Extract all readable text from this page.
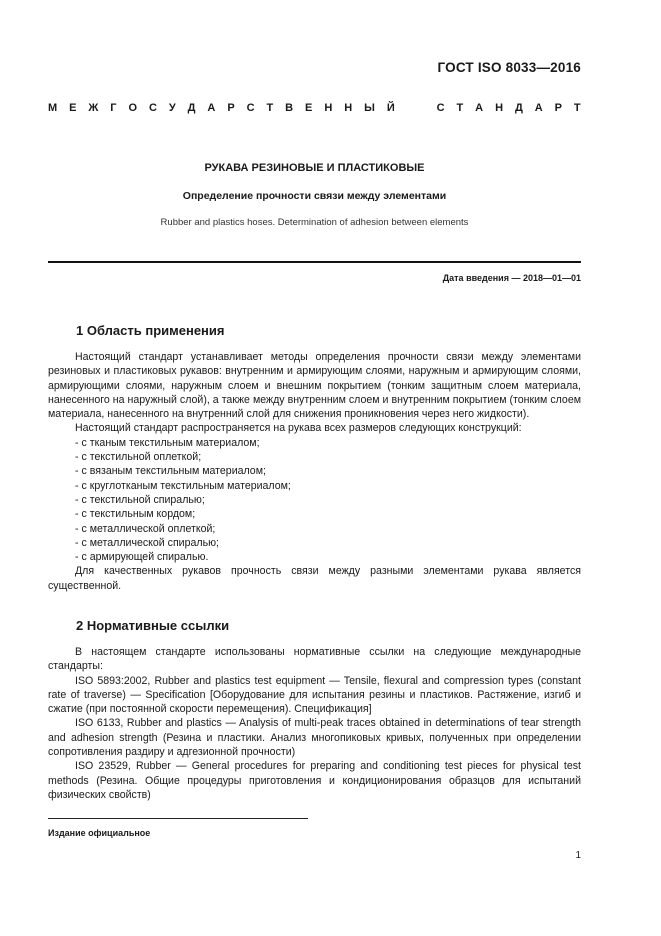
ГОСТ ISO 8033—2016
М Е Ж Г О С У Д А Р С Т В Е Н Н Ы Й	С Т А Н Д А Р Т
РУКАВА РЕЗИНОВЫЕ И ПЛАСТИКОВЫЕ
Определение прочности связи между элементами
Rubber and plastics hoses. Determination of adhesion between elements
Дата введения — 2018—01—01
1 Область применения

Настоящий стандарт устанавливает методы определения прочности связи между элементами резиновых и пластиковых рукавов: внутренним и армирующим слоями, наружным и армирующим слоями, армирующими слоями, наружным слоем и внешним покрытием (тонким защитным слоем материала, нанесенного на наружный слой), а также между внутренним слоем и внутренним покрытием (тонким слоем материала, нанесенного на внутренний слой для снижения проникновения через него жидкости).

Настоящий стандарт распространяется на рукава всех размеров следующих конструкций:

- с тканым текстильным материалом;

- с текстильной оплеткой;

- с вязаным текстильным материалом;

- с круглотканым текстильным материалом;

- с текстильной спиралью;

- с текстильным кордом;

- с металлической оплеткой;

- с металлической спиралью;

- с армирующей спиралью.

Для качественных рукавов прочность связи между разными элементами рукава является существенной.

2 Нормативные ссылки

В настоящем стандарте использованы нормативные ссылки на следующие международные стандарты:

ISO 5893:2002, Rubber and plastics test equipment — Tensile, flexural and compression types (constant rate of traverse) — Specification [Оборудование для испытания резины и пластиков. Растяжение, изгиб и сжатие (при постоянной скорости перемещения). Спецификация]

ISO 6133, Rubber and plastics — Analysis of multi-peak traces obtained in determinations of tear strength and adhesion strength (Резина и пластики. Анализ многопиковых кривых, полученных при определении сопротивления раздиру и адгезионной прочности)

ISO 23529, Rubber — General procedures for preparing and conditioning test pieces for physical test methods (Резина. Общие процедуры приготовления и кондиционирования образцов для испытаний физических свойств)

Издание официальное
1
